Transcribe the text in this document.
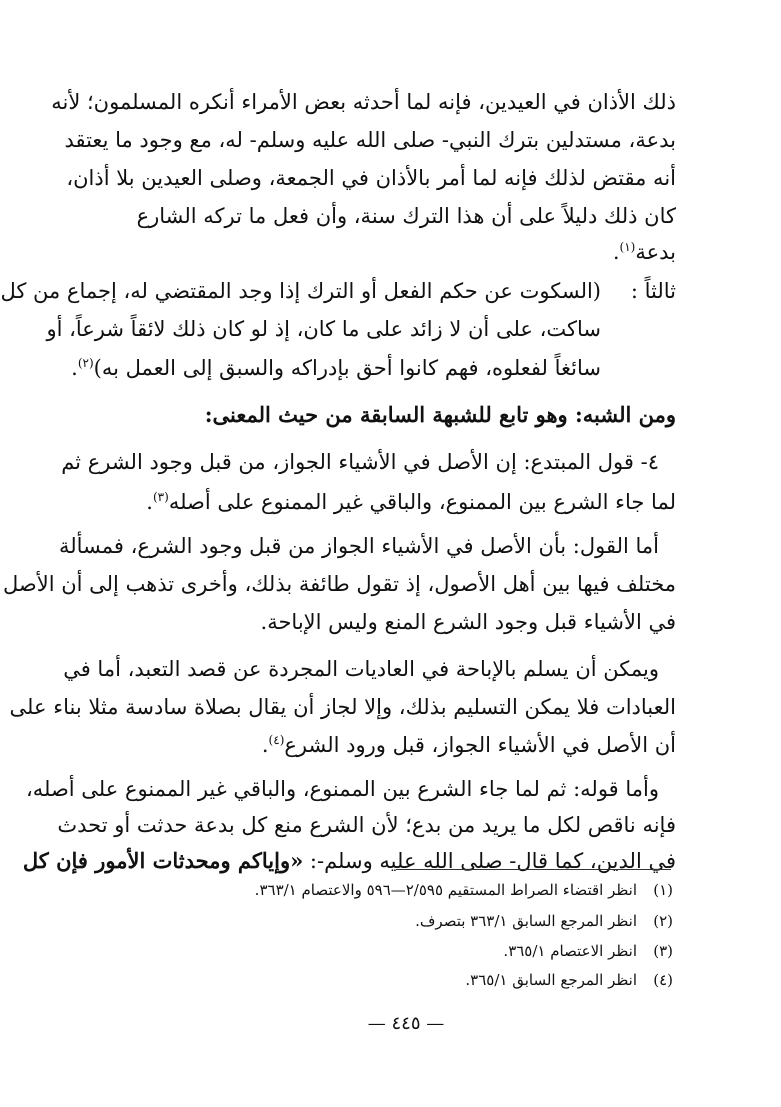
ذلك الأذان في العيدين، فإنه لما أحدثه بعض الأمراء أنكره المسلمون؛ لأنه
بدعة، مستدلين بترك النبي- صلى الله عليه وسلم- له، مع وجود ما يعتقد
أنه مقتض لذلك فإنه لما أمر بالأذان في الجمعة، وصلى العيدين بلا أذان،
كان ذلك دليلاً على أن هذا الترك سنة، وأن فعل ما تركه الشارع
بدعة$^{(١)}$.
ثالثاً :
(السكوت عن حكم الفعل أو الترك إذا وجد المقتضي له، إجماع من كل
ساكت، على أن لا زائد على ما كان، إذ لو كان ذلك لائقاً شرعاً، أو
سائغاً لفعلوه، فهم كانوا أحق بإدراكه والسبق إلى العمل به)$^{(٢)}$.
ومن الشبه: وهو تابع للشبهة السابقة من حيث المعنى:
٤- قول المبتدع: إن الأصل في الأشياء الجواز، من قبل وجود الشرع ثم
لما جاء الشرع بين الممنوع، والباقي غير الممنوع على أصله$^{(٣)}$.
أما القول: بأن الأصل في الأشياء الجواز من قبل وجود الشرع، فمسألة
مختلف فيها بين أهل الأصول، إذ تقول طائفة بذلك، وأخرى تذهب إلى أن الأصل
في الأشياء قبل وجود الشرع المنع وليس الإباحة.
ويمكن أن يسلم بالإباحة في العاديات المجردة عن قصد التعبد، أما في
العبادات فلا يمكن التسليم بذلك، وإلا لجاز أن يقال بصلاة سادسة مثلا بناء على
أن الأصل في الأشياء الجواز، قبل ورود الشرع$^{(٤)}$.
وأما قوله: ثم لما جاء الشرع بين الممنوع، والباقي غير الممنوع على أصله،
فإنه ناقص لكل ما يريد من بدع؛ لأن الشرع منع كل بدعة حدثت أو تحدث
في الدين، كما قال- صلى الله عليه وسلم-: «وإياكم ومحدثات الأمور فإن كل
(١)انظر اقتضاء الصراط المستقيم ٢/٥٩٥—٥٩٦ والاعتصام ٣٦٣/١.
(٢)انظر المرجع السابق ٣٦٣/١ بتصرف.
(٣)انظر الاعتصام ٣٦٥/١.
(٤)انظر المرجع السابق ٣٦٥/١.
— ٤٤٥ —
